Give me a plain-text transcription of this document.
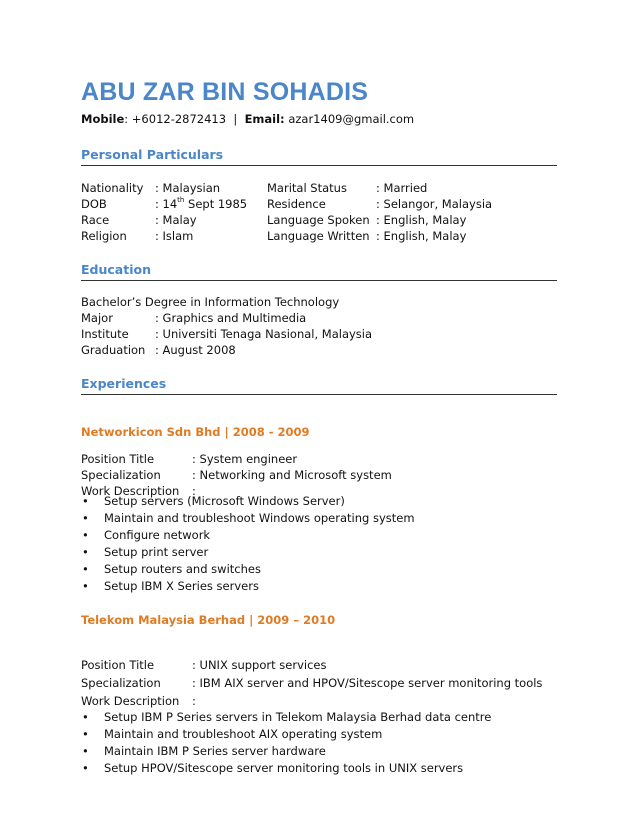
ABU ZAR BIN SOHADIS
Mobile: +6012-2872413 | Email: azar1409@gmail.com
Personal Particulars
Nationality : Malaysian	Marital Status	: Married
DOB	: 14th Sept 1985 Residence	: Selangor, Malaysia
Race	: Malay	Language Spoken : English, Malay
Religion : Islam	Language Written : English, Malay
Education
Bachelor’s Degree in Information Technology
Major	: Graphics and Multimedia
Institute : Universiti Tenaga Nasional, Malaysia
Graduation : August 2008
Experiences
Networkicon Sdn Bhd | 2008 - 2009
Position Title	: System engineer
Specialization	: Networking and Microsoft system
Work Description :
• Setup servers (Microsoft Windows Server)
• Maintain and troubleshoot Windows operating system
• Configure network
• Setup print server
• Setup routers and switches
• Setup IBM X Series servers
Telekom Malaysia Berhad | 2009 – 2010
Position Title	: UNIX support services
Specialization	: IBM AIX server and HPOV/Sitescope server monitoring tools
Work Description :
• Setup IBM P Series servers in Telekom Malaysia Berhad data centre
• Maintain and troubleshoot AIX operating system
• Maintain IBM P Series server hardware
• Setup HPOV/Sitescope server monitoring tools in UNIX servers
